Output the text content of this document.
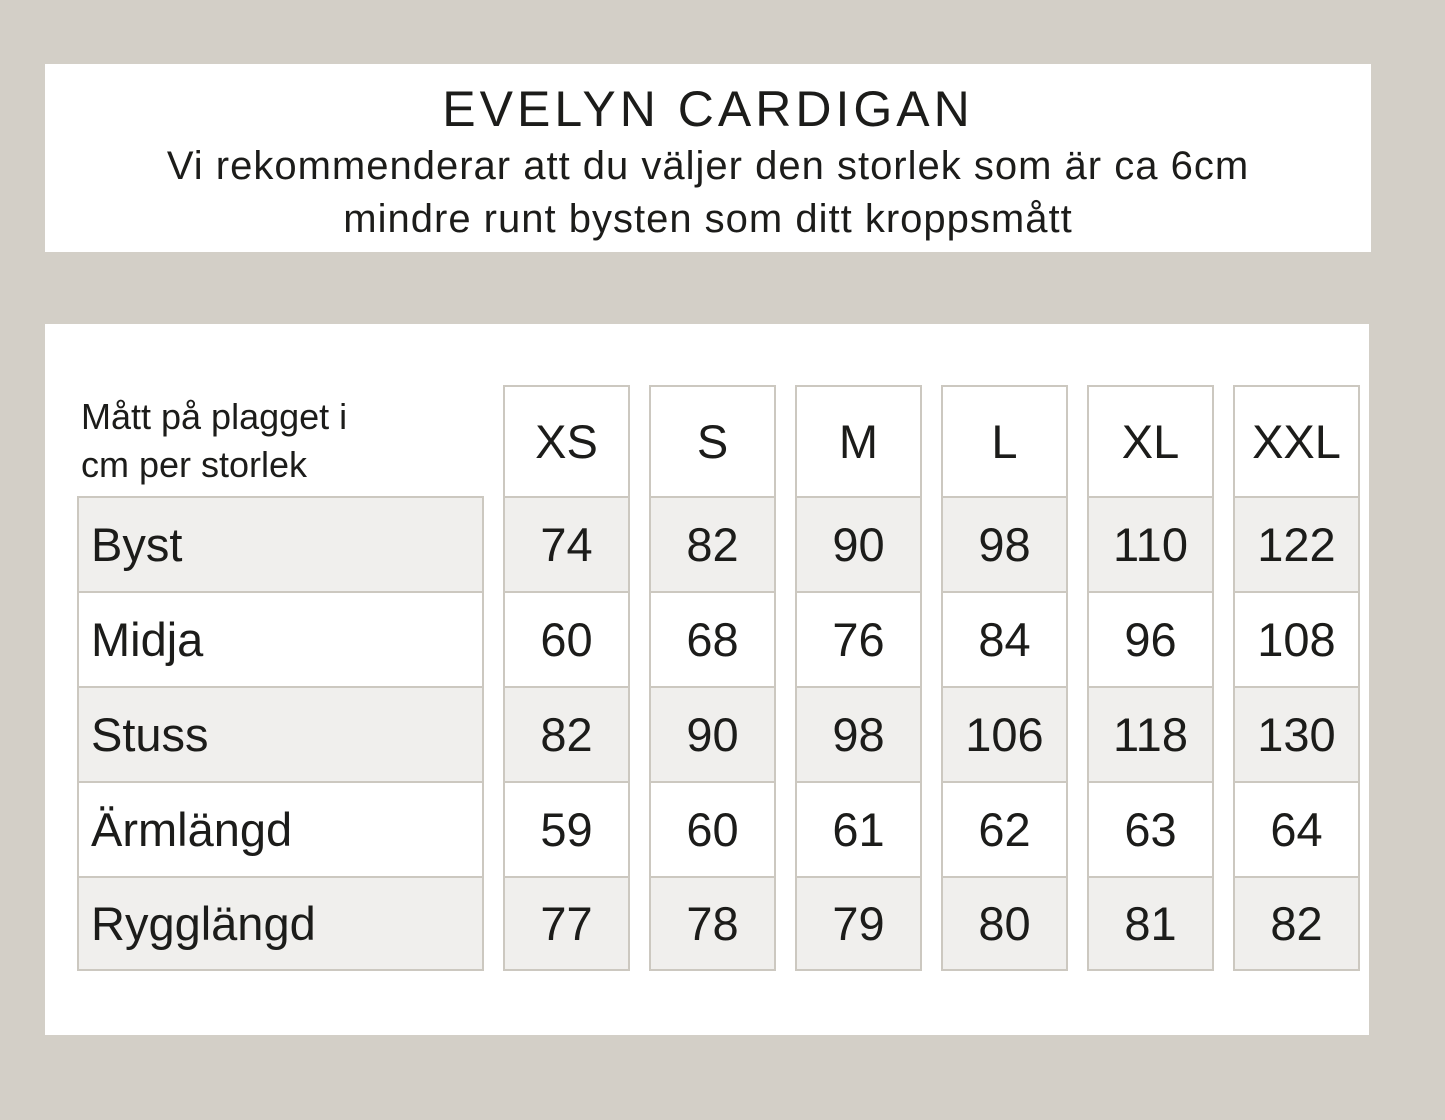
EVELYN CARDIGAN
Vi rekommenderar att du väljer den storlek som är ca 6cm
mindre runt bysten som ditt kroppsmått
Mått på plagget i
cm per storlek	XS	S	M	L	XL	XXL
Byst	74	82	90	98	110	122
Midja	60	68	76	84	96	108
Stuss	82	90	98	106	118	130
Ärmlängd	59	60	61	62	63	64
Rygglängd	77	78	79	80	81	82
